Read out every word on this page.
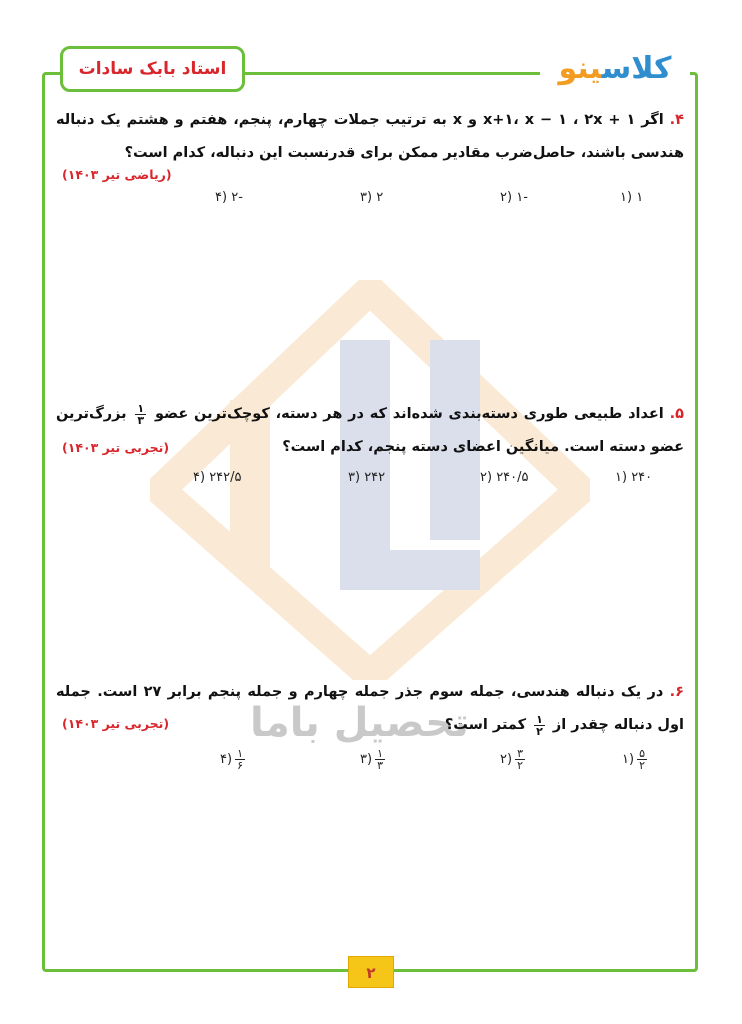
تحصیل باما
استاد بابک سادات	کلاسینو
۴. اگر x+۱، x − ۱ ، ۲x + ۱ و x به ترتیب جملات چهارم، پنجم، هفتم و هشتم یک دنباله هندسی باشند، حاصل‌ضرب مقادیر ممکن برای قدرنسبت این دنباله، کدام است؟
(ریاضی تیر ۱۴۰۳)
۱ (۱
-۱ (۲
۲ (۳
-۲ (۴
۵. اعداد طبیعی طوری دسته‌بندی شده‌اند که در هر دسته، کوچک‌ترین عضو
$\frac{۱}{۳}$
بزرگ‌ترین عضو دسته است. میانگین اعضای دسته پنجم، کدام است؟
(تجربی تیر ۱۴۰۳)
۲۴۰ (۱
۲۴۰/۵ (۲
۲۴۲ (۳
۲۴۲/۵ (۴
۶. در یک دنباله هندسی، جمله سوم جذر جمله چهارم و جمله پنجم برابر ۲۷ است. جمله اول دنباله چقدر از
$\frac{۱}{۲}$
کمتر است؟
(تجربی تیر ۱۴۰۳)
$\frac{۵}{۲}$
(۱
$\frac{۳}{۲}$
(۲
$\frac{۱}{۳}$
(۳
$\frac{۱}{۶}$
(۴
۲
